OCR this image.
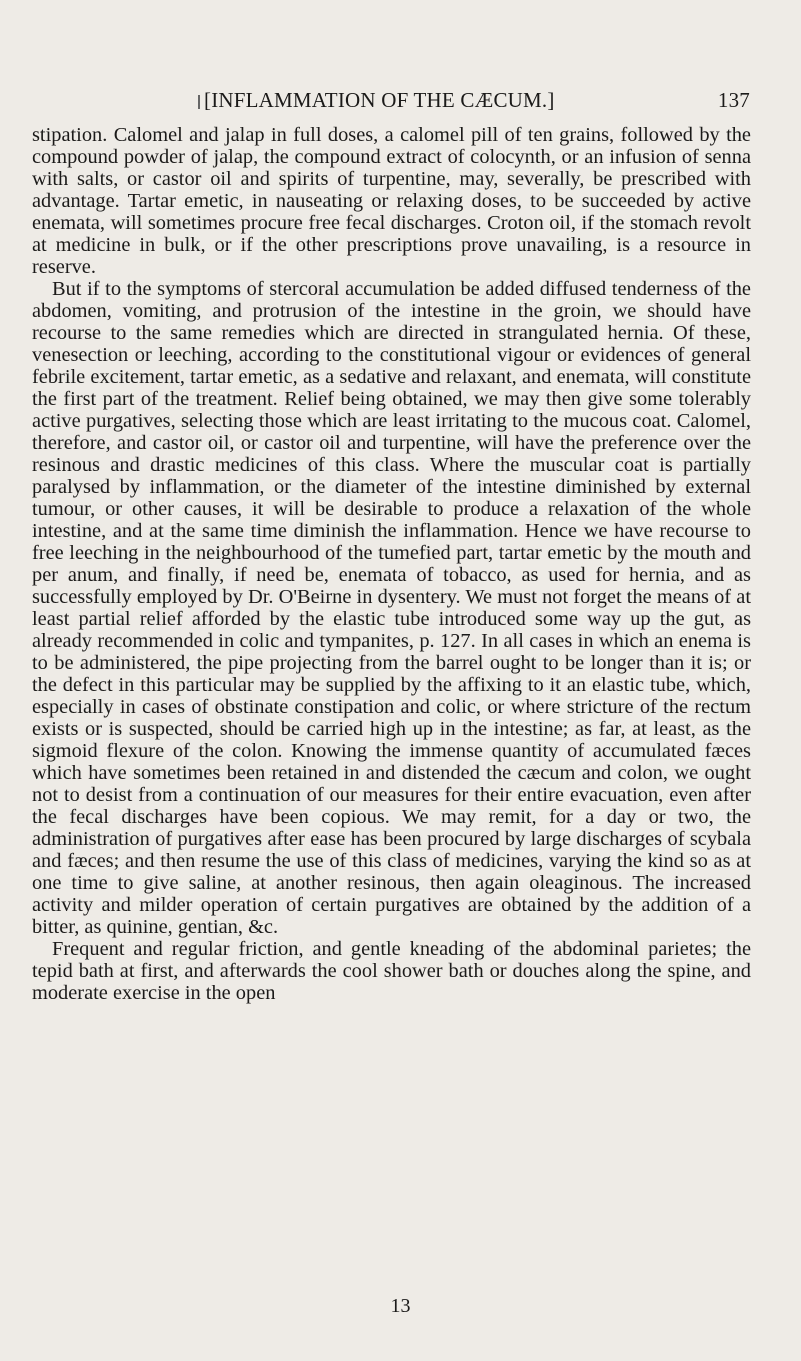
[INFLAMMATION OF THE CÆCUM.]	137

stipation. Calomel and jalap in full doses, a calomel pill of ten grains, followed by the compound powder of jalap, the compound extract of colocynth, or an infusion of senna with salts, or castor oil and spirits of turpentine, may, severally, be prescribed with advantage. Tartar emetic, in nauseating or relaxing doses, to be succeeded by active enemata, will sometimes procure free fecal discharges. Croton oil, if the stomach revolt at medicine in bulk, or if the other prescriptions prove unavailing, is a resource in reserve.

But if to the symptoms of stercoral accumulation be added diffused tenderness of the abdomen, vomiting, and protrusion of the intestine in the groin, we should have recourse to the same remedies which are directed in strangulated hernia. Of these, venesection or leeching, according to the constitutional vigour or evidences of general febrile excitement, tartar emetic, as a sedative and relaxant, and enemata, will constitute the first part of the treatment. Relief being obtained, we may then give some tolerably active purgatives, selecting those which are least irritating to the mucous coat. Calomel, therefore, and castor oil, or castor oil and turpentine, will have the preference over the resinous and drastic medicines of this class. Where the muscular coat is partially paralysed by inflammation, or the diameter of the intestine diminished by external tumour, or other causes, it will be desirable to produce a relaxation of the whole intestine, and at the same time diminish the inflammation. Hence we have recourse to free leeching in the neighbourhood of the tumefied part, tartar emetic by the mouth and per anum, and finally, if need be, enemata of tobacco, as used for hernia, and as successfully employed by Dr. O'Beirne in dysentery. We must not forget the means of at least partial relief afforded by the elastic tube introduced some way up the gut, as already recommended in colic and tympanites, p. 127. In all cases in which an enema is to be administered, the pipe projecting from the barrel ought to be longer than it is; or the defect in this particular may be supplied by the affixing to it an elastic tube, which, especially in cases of obstinate constipation and colic, or where stricture of the rectum exists or is suspected, should be carried high up in the intestine; as far, at least, as the sigmoid flexure of the colon. Knowing the immense quantity of accumulated fæces which have sometimes been retained in and distended the cæcum and colon, we ought not to desist from a continuation of our measures for their entire evacuation, even after the fecal discharges have been copious. We may remit, for a day or two, the administration of purgatives after ease has been procured by large discharges of scybala and fæces; and then resume the use of this class of medicines, varying the kind so as at one time to give saline, at another resinous, then again oleaginous. The increased activity and milder operation of certain purgatives are obtained by the addition of a bitter, as quinine, gentian, &c.

Frequent and regular friction, and gentle kneading of the abdominal parietes; the tepid bath at first, and afterwards the cool shower bath or douches along the spine, and moderate exercise in the open

13
